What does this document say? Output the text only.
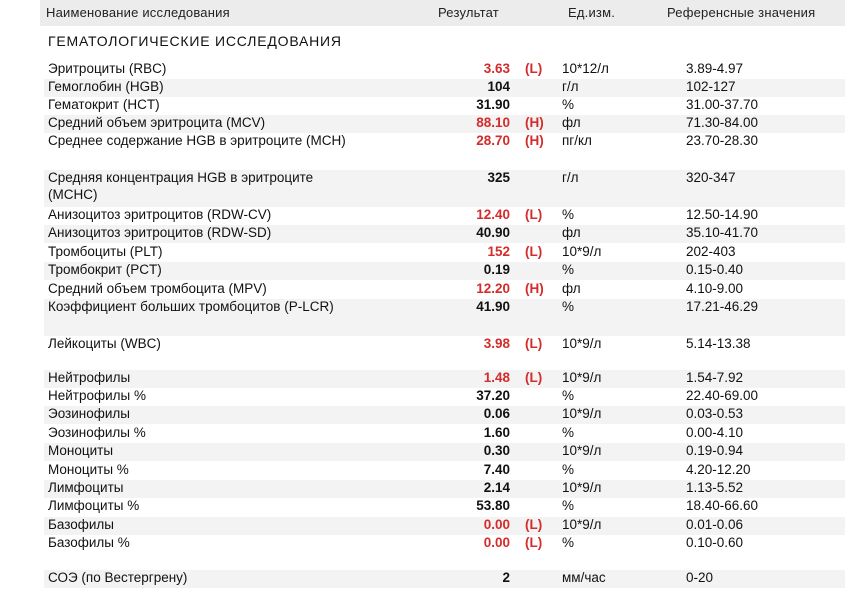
Наименование исследования	Результат	Ед.изм.	Референсные значения
ГЕМАТОЛОГИЧЕСКИЕ ИССЛЕДОВАНИЯ
Эритроциты (RBC)	3.63 (L) 10*12/л	3.89-4.97
Гемоглобин (HGB)	104	г/л	102-127
Гематокрит (HCT)	31.90	%	31.00-37.70
Средний объем эритроцита (MCV)	88.10 (H) фл	71.30-84.00
Среднее содержание HGB в эритроците (MCH)	28.70 (H) пг/кл	23.70-28.30
Средняя концентрация HGB в эритроците (MCHC)
325	г/л	320-347
Анизоцитоз эритроцитов (RDW-CV)	12.40 (L) %	12.50-14.90
Анизоцитоз эритроцитов (RDW-SD)	40.90	фл	35.10-41.70
Тромбоциты (PLT)	152 (L) 10*9/л	202-403
Тромбокрит (PCT)	0.19	%	0.15-0.40
Средний объем тромбоцита (MPV)	12.20 (H) фл	4.10-9.00
Коэффициент больших тромбоцитов (P-LCR)	41.90	%	17.21-46.29
Лейкоциты (WBC)	3.98 (L) 10*9/л	5.14-13.38
Нейтрофилы	1.48 (L) 10*9/л	1.54-7.92
Нейтрофилы %	37.20	%	22.40-69.00
Эозинофилы	0.06	10*9/л	0.03-0.53
Эозинофилы %	1.60	%	0.00-4.10
Моноциты	0.30	10*9/л	0.19-0.94
Моноциты %	7.40	%	4.20-12.20
Лимфоциты	2.14	10*9/л	1.13-5.52
Лимфоциты %	53.80	%	18.40-66.60
Базофилы	0.00 (L) 10*9/л	0.01-0.06
Базофилы %	0.00 (L) %	0.10-0.60
СОЭ (по Вестергрену)	2	мм/час	0-20
